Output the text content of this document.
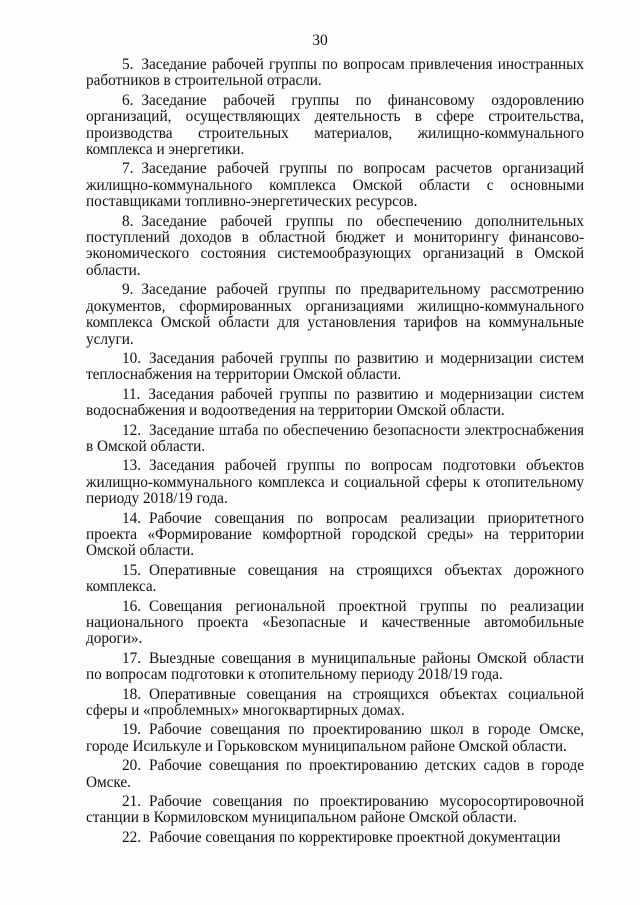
30

5. Заседание рабочей группы по вопросам привлечения иностранных работников в строительной отрасли.

6. Заседание рабочей группы по финансовому оздоровлению организаций, осуществляющих деятельность в сфере строительства, производства строительных материалов, жилищно-коммунального комплекса и энергетики.

7. Заседание рабочей группы по вопросам расчетов организаций жилищно-коммунального комплекса Омской области с основными поставщиками топливно-энергетических ресурсов.

8. Заседание рабочей группы по обеспечению дополнительных поступлений доходов в областной бюджет и мониторингу финансово-экономического состояния системообразующих организаций в Омской области.

9. Заседание рабочей группы по предварительному рассмотрению документов, сформированных организациями жилищно-коммунального комплекса Омской области для установления тарифов на коммунальные услуги.

10. Заседания рабочей группы по развитию и модернизации систем теплоснабжения на территории Омской области.

11. Заседания рабочей группы по развитию и модернизации систем водоснабжения и водоотведения на территории Омской области.

12. Заседание штаба по обеспечению безопасности электроснабжения в Омской области.

13. Заседания рабочей группы по вопросам подготовки объектов жилищно-коммунального комплекса и социальной сферы к отопительному периоду 2018/19 года.

14. Рабочие совещания по вопросам реализации приоритетного проекта «Формирование комфортной городской среды» на территории Омской области.

15. Оперативные совещания на строящихся объектах дорожного комплекса.

16. Совещания региональной проектной группы по реализации национального проекта «Безопасные и качественные автомобильные дороги».

17. Выездные совещания в муниципальные районы Омской области по вопросам подготовки к отопительному периоду 2018/19 года.

18. Оперативные совещания на строящихся объектах социальной сферы и «проблемных» многоквартирных домах.

19. Рабочие совещания по проектированию школ в городе Омске, городе Исилькуле и Горьковском муниципальном районе Омской области.

20. Рабочие совещания по проектированию детских садов в городе Омске.

21. Рабочие совещания по проектированию мусоросортировочной станции в Кормиловском муниципальном районе Омской области.

22. Рабочие совещания по корректировке проектной документации
